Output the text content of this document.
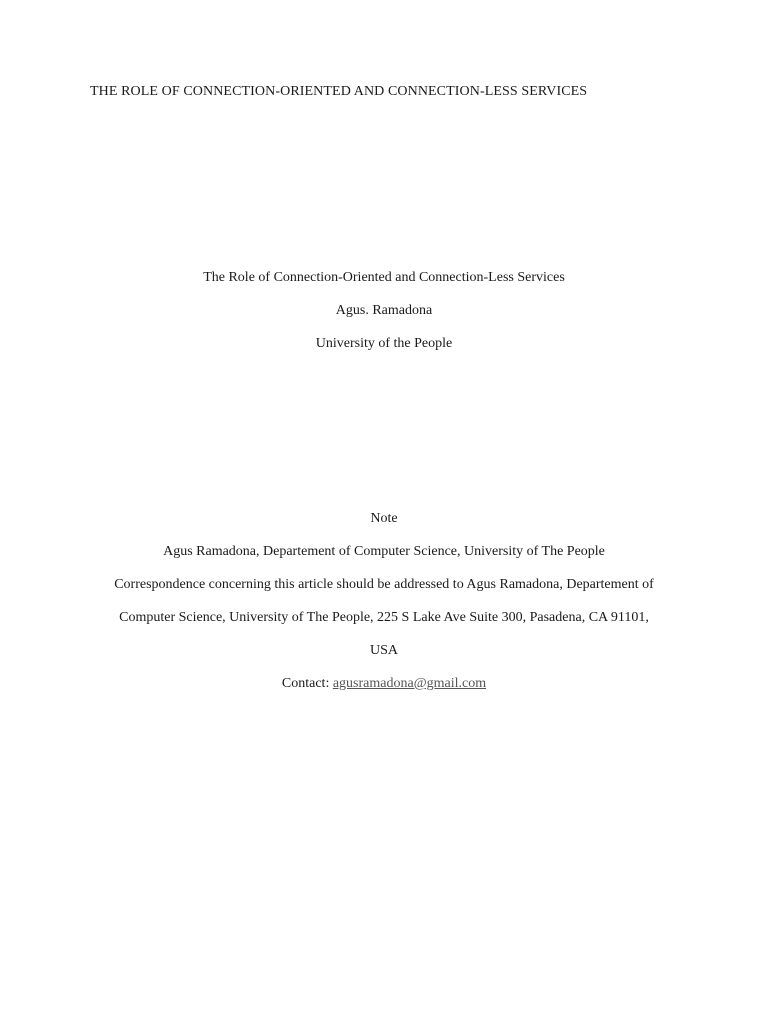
THE ROLE OF CONNECTION-ORIENTED AND CONNECTION-LESS SERVICES
The Role of Connection-Oriented and Connection-Less Services
Agus. Ramadona
University of the People
Note
Agus Ramadona, Departement of Computer Science, University of The People
Correspondence concerning this article should be addressed to Agus Ramadona, Departement of
Computer Science, University of The People, 225 S Lake Ave Suite 300, Pasadena, CA 91101,
USA
Contact: agusramadona@gmail.com
